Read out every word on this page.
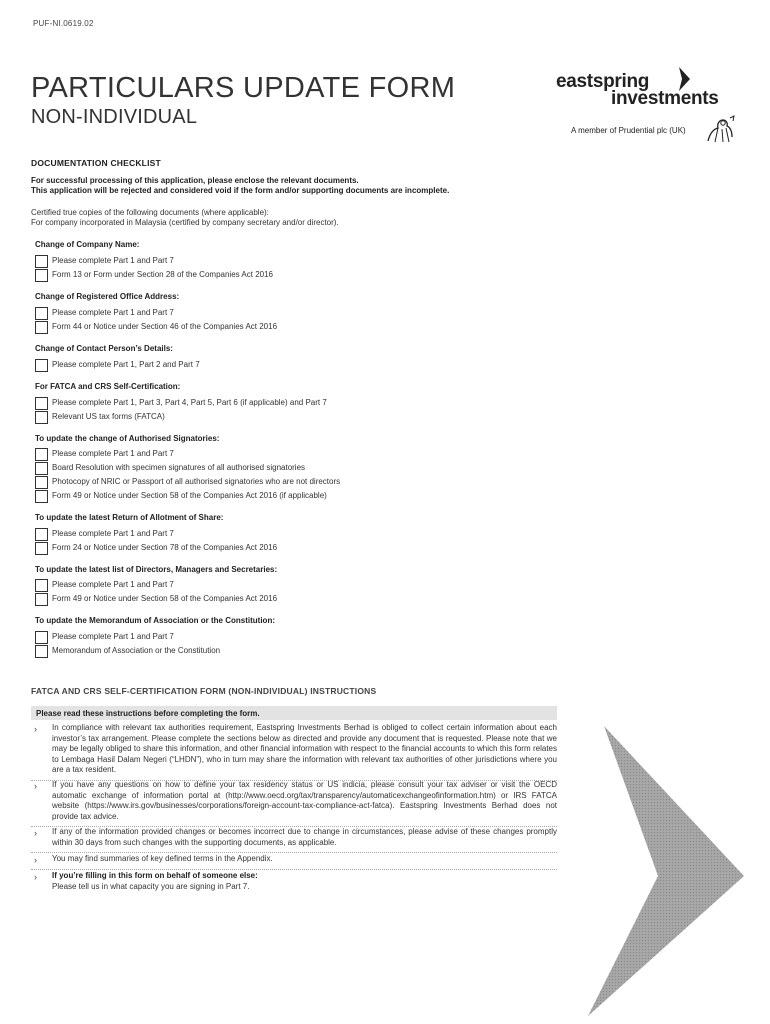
PUF-NI.0619.02
PARTICULARS UPDATE FORM
NON-INDIVIDUAL
eastspring
investments
A member of Prudential plc (UK)
DOCUMENTATION CHECKLIST
For successful processing of this application, please enclose the relevant documents.
This application will be rejected and considered void if the form and/or supporting documents are incomplete.
Certified true copies of the following documents (where applicable):
For company incorporated in Malaysia (certified by company secretary and/or director).
Change of Company Name:
Please complete Part 1 and Part 7
Form 13 or Form under Section 28 of the Companies Act 2016
Change of Registered Office Address:
Please complete Part 1 and Part 7
Form 44 or Notice under Section 46 of the Companies Act 2016
Change of Contact Person’s Details:
Please complete Part 1, Part 2 and Part 7
For FATCA and CRS Self-Certification:
Please complete Part 1, Part 3, Part 4, Part 5, Part 6 (if applicable) and Part 7
Relevant US tax forms (FATCA)
To update the change of Authorised Signatories:
Please complete Part 1 and Part 7
Board Resolution with specimen signatures of all authorised signatories
Photocopy of NRIC or Passport of all authorised signatories who are not directors
Form 49 or Notice under Section 58 of the Companies Act 2016 (if applicable)
To update the latest Return of Allotment of Share:
Please complete Part 1 and Part 7
Form 24 or Notice under Section 78 of the Companies Act 2016
To update the latest list of Directors, Managers and Secretaries:
Please complete Part 1 and Part 7
Form 49 or Notice under Section 58 of the Companies Act 2016
To update the Memorandum of Association or the Constitution:
Please complete Part 1 and Part 7
Memorandum of Association or the Constitution
FATCA AND CRS SELF-CERTIFICATION FORM (NON-INDIVIDUAL) INSTRUCTIONS
Please read these instructions before completing the form.
› In compliance with relevant tax authorities requirement, Eastspring Investments Berhad is obliged to collect certain information about each investor’s tax arrangement. Please complete the sections below as directed and provide any document that is requested. Please note that we may be legally obliged to share this information, and other financial information with respect to the financial accounts to which this form relates to Lembaga Hasil Dalam Negeri (“LHDN”), who in turn may share the information with relevant tax authorities of other jurisdictions where you are a tax resident.
› If you have any questions on how to define your tax residency status or US indicia, please consult your tax adviser or visit the OECD automatic exchange of information portal at (http://www.oecd.org/tax/transparency/automaticexchangeofinformation.htm) or IRS FATCA website (https://www.irs.gov/businesses/corporations/foreign-account-tax-compliance-act-fatca). Eastspring Investments Berhad does not provide tax advice.
› If any of the information provided changes or becomes incorrect due to change in circumstances, please advise of these changes promptly within 30 days from such changes with the supporting documents, as applicable.
› You may find summaries of key defined terms in the Appendix.
› If you’re filling in this form on behalf of someone else:
Please tell us in what capacity you are signing in Part 7.
